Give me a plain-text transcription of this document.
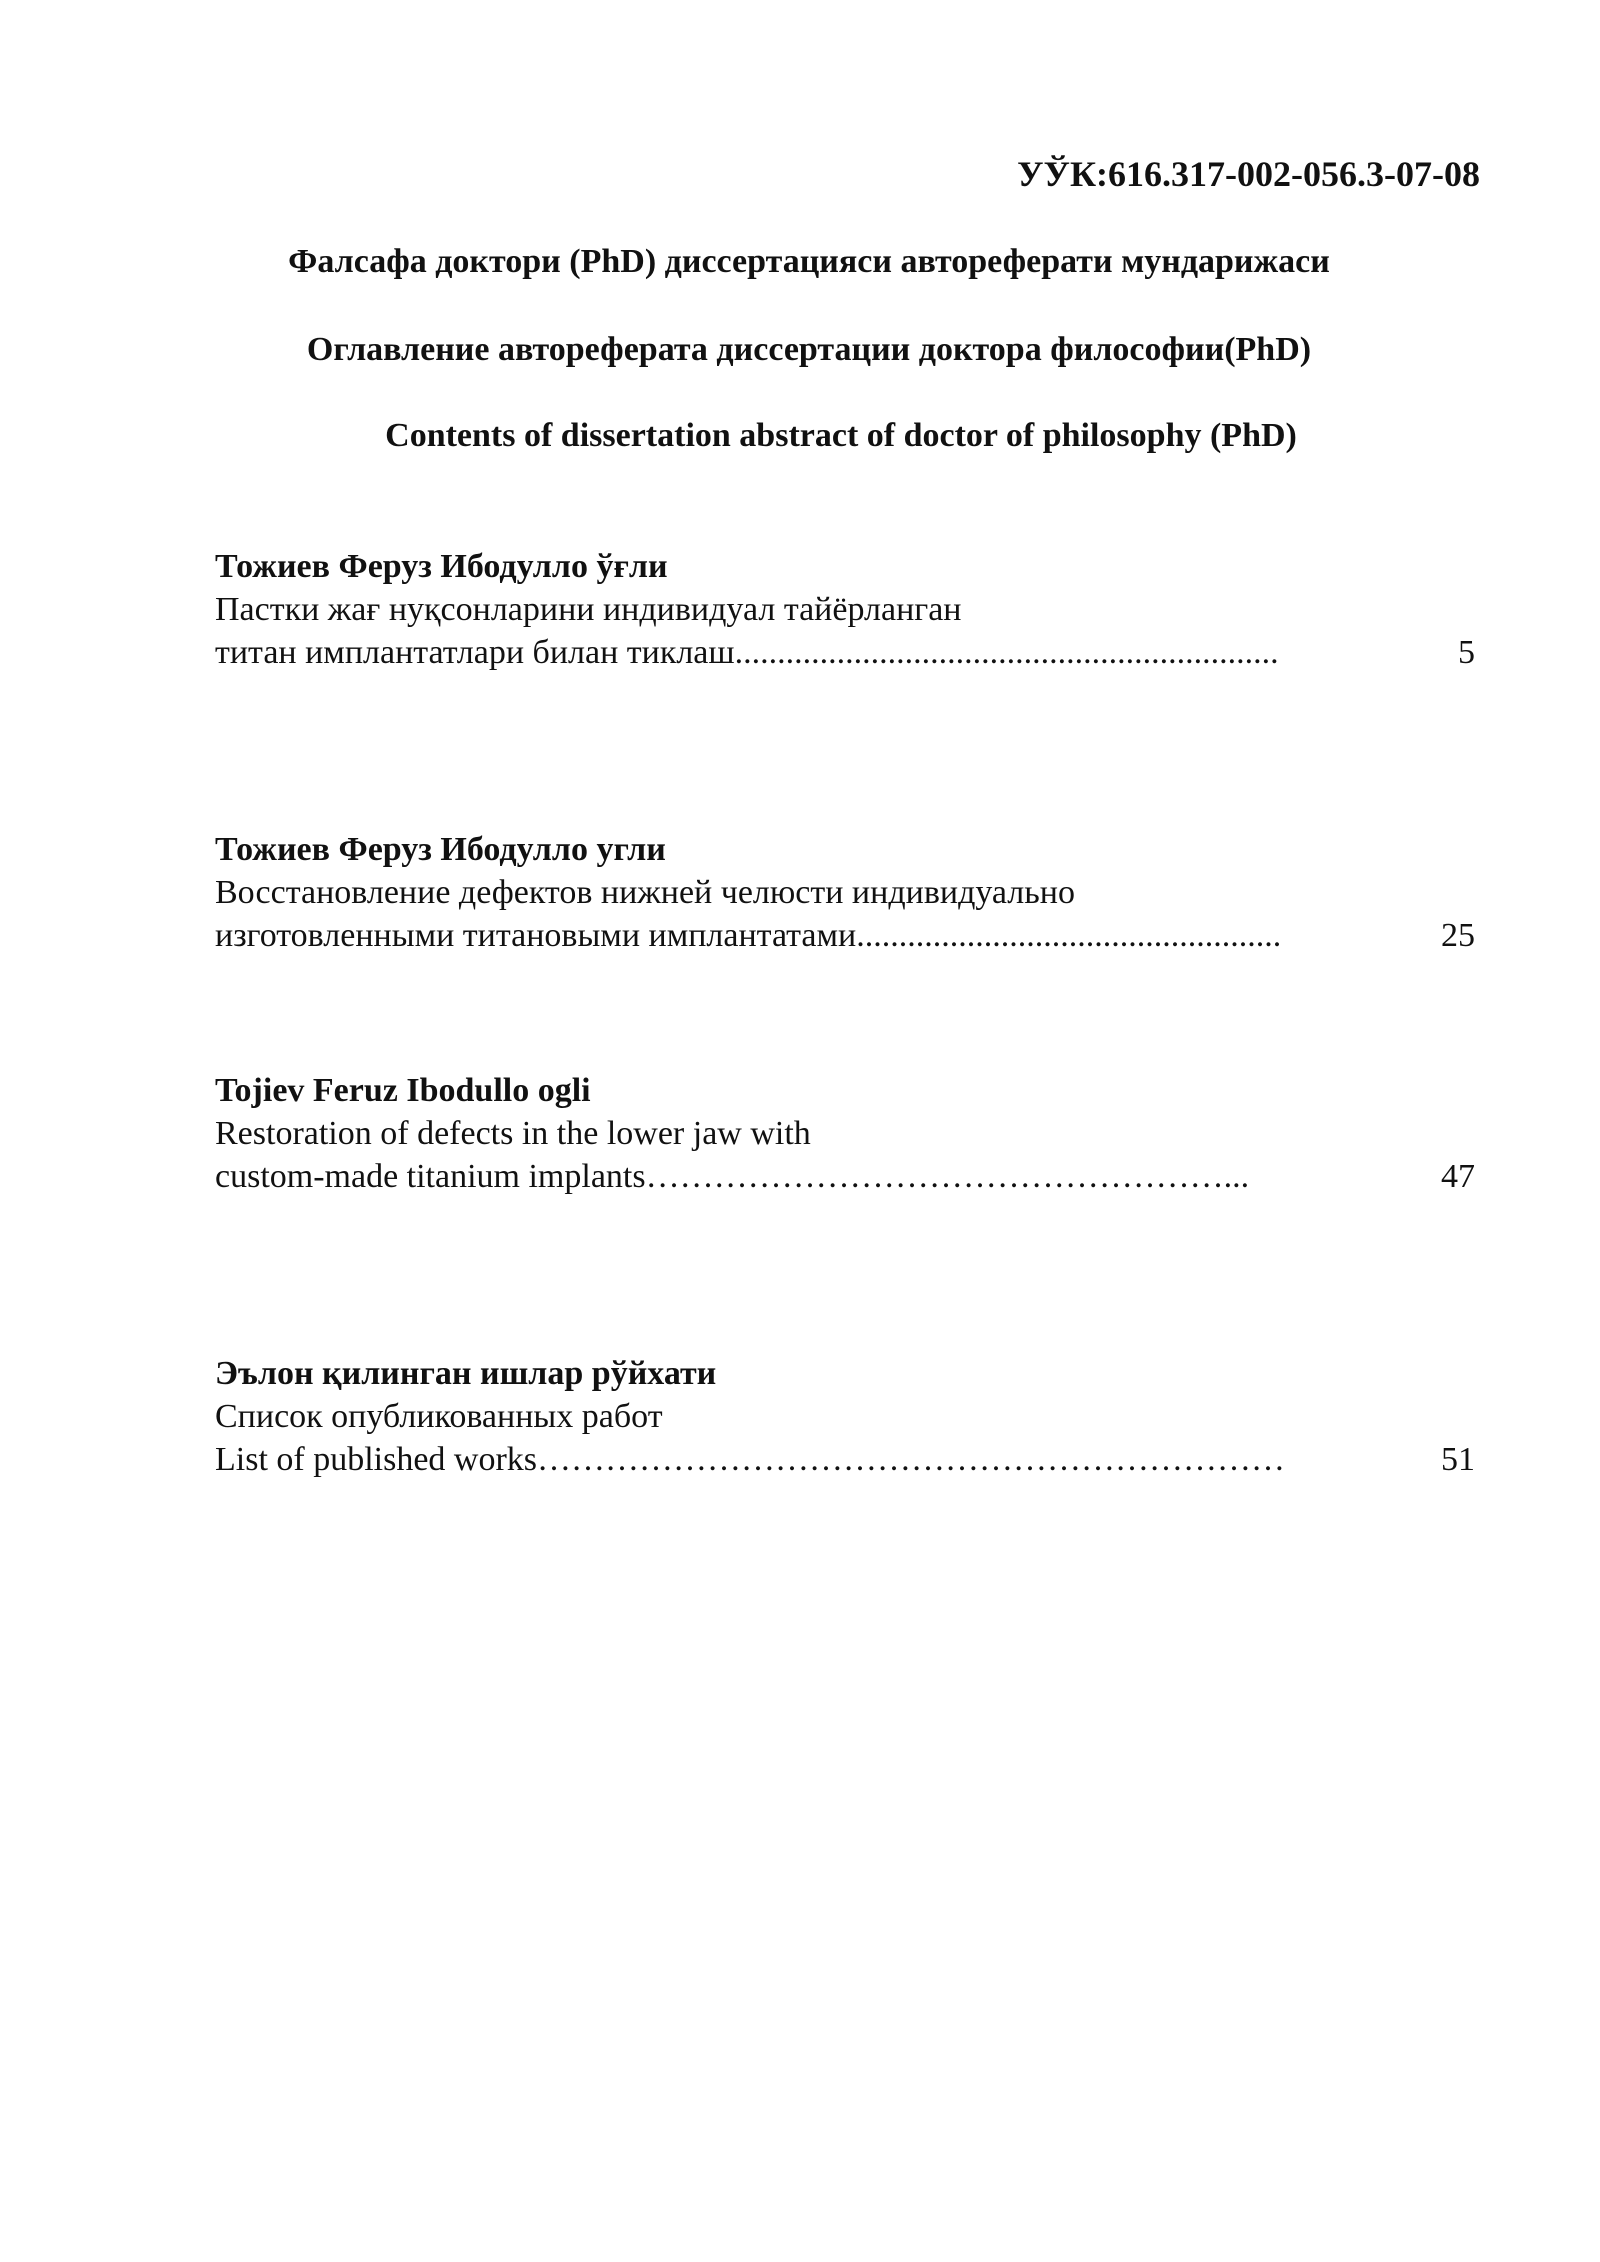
УЎК:616.317-002-056.3-07-08
Фалсафа доктори (PhD) диссертацияси автореферати мундарижаси
Оглавление автореферата диссертации доктора философии(PhD)
Contents of dissertation abstract of doctor of philosophy (PhD)
Тожиев Феруз Ибодулло ўғли
Пастки жағ нуқсонларини индивидуал тайёрланган
титан имплантатлари билан тиклаш................................................................	5
Тожиев Феруз Ибодулло угли
Восстановление дефектов нижней челюсти индивидуально
изготовленными титановыми имплантатами..................................................	25
Tojiev Feruz Ibodullo ogli
Restoration of defects in the lower jaw with
custom-made titanium implants……………………………………………...	47
Эълон қилинган ишлар рўйхати
Список опубликованных работ
List of published works…………………………………………………………	51
